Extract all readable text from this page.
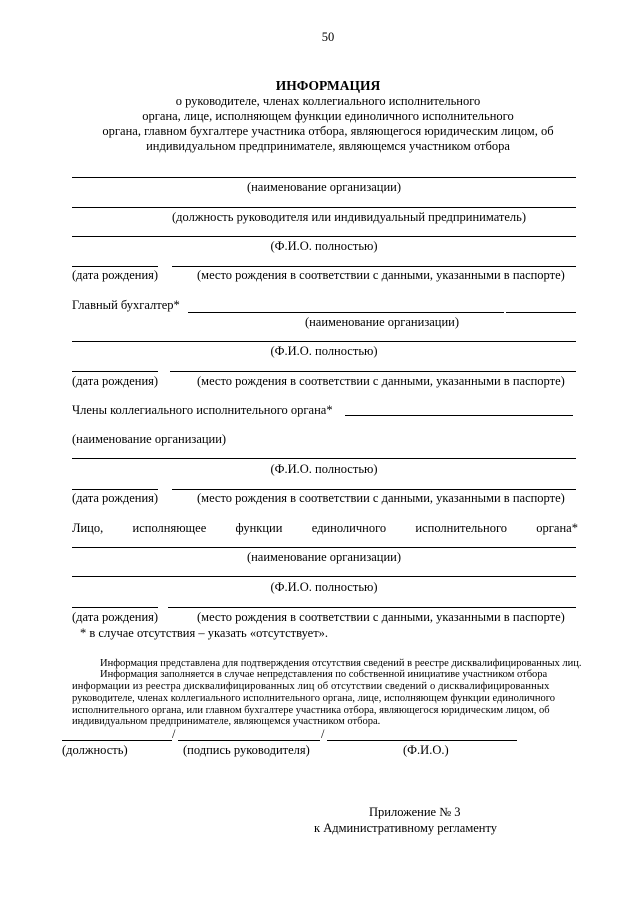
50
ИНФОРМАЦИЯ
о руководителе, членах коллегиального исполнительного
органа, лице, исполняющем функции единоличного исполнительного
органа, главном бухгалтере участника отбора, являющегося юридическим лицом, об
индивидуальном предпринимателе, являющемся участником отбора
(наименование организации)
(должность руководителя или индивидуальный предприниматель)
(Ф.И.О. полностью)
(дата рождения)	(место рождения в соответствии с данными, указанными в паспорте)
Главный бухгалтер*
(наименование организации)
(Ф.И.О. полностью)
(дата рождения)	(место рождения в соответствии с данными, указанными в паспорте)
Члены коллегиального исполнительного органа*
(наименование организации)
(Ф.И.О. полностью)
(дата рождения)	(место рождения в соответствии с данными, указанными в паспорте)
Лицо, исполняющее функции единоличного исполнительного органа*
(наименование организации)
(Ф.И.О. полностью)
(дата рождения)	(место рождения в соответствии с данными, указанными в паспорте)
* в случае отсутствия – указать «отсутствует».
Информация представлена для подтверждения отсутствия сведений в реестре дисквалифицированных лиц.
Информация заполняется в случае непредставления по собственной инициативе участником отбора
информации из реестра дисквалифицированных лиц об отсутствии сведений о дисквалифицированных
руководителе, членах коллегиального исполнительного органа, лице, исполняющем функции единоличного
исполнительного органа, или главном бухгалтере участника отбора, являющегося юридическим лицом, об
индивидуальном предпринимателе, являющемся участником отбора.
/	/
(должность)	(подпись руководителя)	(Ф.И.О.)
Приложение № 3
к Административному регламенту
